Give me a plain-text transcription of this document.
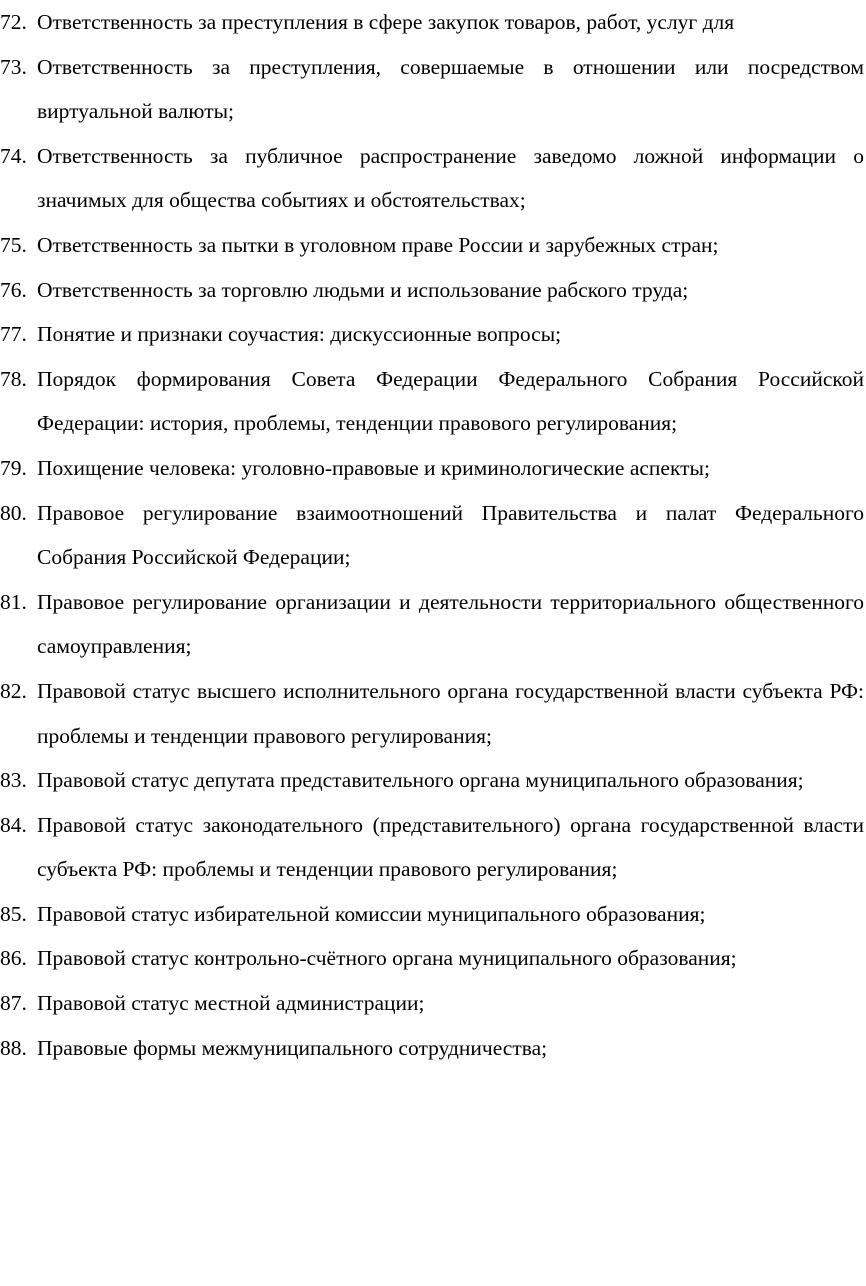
72. Ответственность за преступления в сфере закупок товаров, работ, услуг для
73. Ответственность за преступления, совершаемые в отношении или посредством виртуальной валюты;
74. Ответственность за публичное распространение заведомо ложной информации о значимых для общества событиях и обстоятельствах;
75. Ответственность за пытки в уголовном праве России и зарубежных стран;
76. Ответственность за торговлю людьми и использование рабского труда;
77. Понятие и признаки соучастия: дискуссионные вопросы;
78. Порядок формирования Совета Федерации Федерального Собрания Российской Федерации: история, проблемы, тенденции правового регулирования;
79. Похищение человека: уголовно-правовые и криминологические аспекты;
80. Правовое регулирование взаимоотношений Правительства и палат Федерального Собрания Российской Федерации;
81. Правовое регулирование организации и деятельности территориального общественного самоуправления;
82. Правовой статус высшего исполнительного органа государственной власти субъекта РФ: проблемы и тенденции правового регулирования;
83. Правовой статус депутата представительного органа муниципального образования;
84. Правовой статус законодательного (представительного) органа государственной власти субъекта РФ: проблемы и тенденции правового регулирования;
85. Правовой статус избирательной комиссии муниципального образования;
86. Правовой статус контрольно-счётного органа муниципального образования;
87. Правовой статус местной администрации;
88. Правовые формы межмуниципального сотрудничества;
